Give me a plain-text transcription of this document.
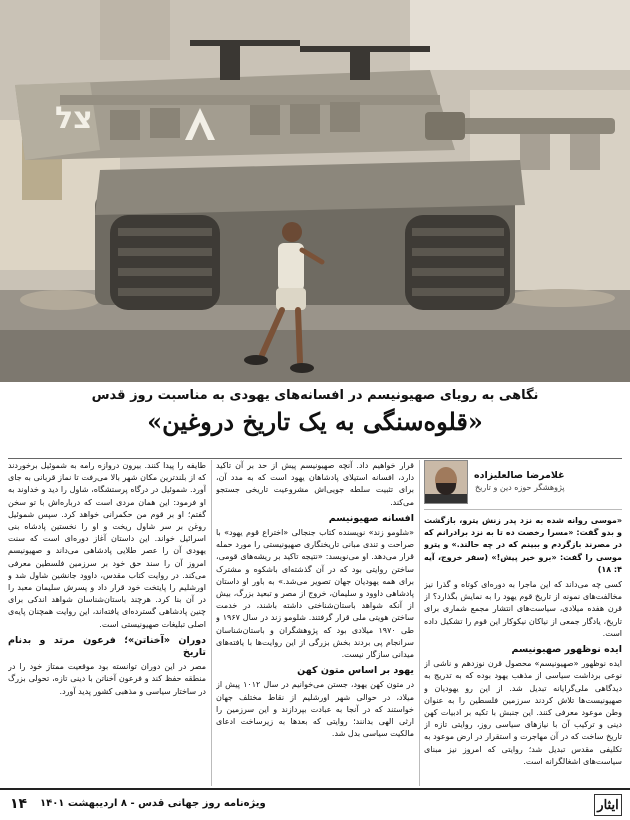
צל
نگاهی به رویای صهیونیسم در افسانه‌های یهودی به مناسبت روز قدس
«قلوه‌سنگی به یک تاریخ دروغین»
غلامرضا صالعلیزاده
پژوهشگر حوزه دین و تاریخ

«موسی روانه شده به نزد پدر زنش یترو، بازگشت و بدو گفت: «مسرا رخصت ده تا به نزد برادرانم که در مصرند بازگردم و ببینم که در چه حالند.» و یترو موسی را گفت: «برو خیر پیش!» (سفر خروج، آیه ۴: ۱۸)

کسی چه می‌داند که این ماجرا به دوره‌ای کوتاه و گذرا نیز مخالفت‌های نمونه از تاریخ قوم یهود را به نمایش بگذارد؟ از قرن هفده میلادی، سیاست‌های انتشار مجمع شماری برای تاریخ، یادگار جمعی از نیاکان نیکوکار این قوم را تشکیل داده است.

ایده نوظهور صهیونیسم

ایده نوظهور «صهیونیسم» محصول قرن نوزدهم و ناشی از نوعی برداشت سیاسی از مذهب یهود بوده که به تدریج به دیدگاهی ملی‌گرایانه تبدیل شد. از این رو یهودیان و صهیونیست‌ها تلاش کردند سرزمین فلسطین را به عنوان وطن موعود معرفی کنند. این جنبش با تکیه بر ادبیات کهن دینی و ترکیب آن با نیازهای سیاسی روز، روایتی تازه از تاریخ ساخت که در آن مهاجرت و استقرار در ارض موعود به تکلیفی مقدس تبدیل شد؛ روایتی که امروز نیز مبنای سیاست‌های اشغالگرانه است.

قرار خواهیم داد. آنچه صهیونیسم پیش از حد بر آن تاکید دارد، افسانه استیلای پادشاهان یهود است که به مدد آن، برای تثبیت سلطه جویی‌اش مشروعیت تاریخی جستجو می‌کند.

افسانه صهیونیسم

«شلومو زند» نویسنده کتاب جنجالی «اختراع قوم یهود» با صراحت و تندی مبانی تاریخنگاری صهیونیستی را مورد حمله قرار می‌دهد. او می‌نویسد: «نتیجه تاکید بر ریشه‌های قومی، ساختن روایتی بود که در آن گذشته‌ای باشکوه و مشترک برای همه یهودیان جهان تصویر می‌شد.» به باور او داستان پادشاهی داوود و سلیمان، خروج از مصر و تبعید بزرگ، بیش از آنکه شواهد باستان‌شناختی داشته باشند، در خدمت ساختن هویتی ملی قرار گرفتند. شلومو زند در سال ۱۹۶۷ و طی ۱۹۷۰ میلادی بود که پژوهشگران و باستان‌شناسان سرانجام پی بردند بخش بزرگی از این روایت‌ها با یافته‌های میدانی سازگار نیست.

یهود بر اساس متون کهن

در متون کهن یهود، جستن می‌خوانیم در سال ۱۰۱۲ پیش از میلاد، در حوالی شهر اورشلیم از نقاط مختلف جهان خواستند که در آنجا به عبادت بپردازند و این سرزمین را ارثی الهی بدانند؛ روایتی که بعدها به زیرساخت ادعای مالکیت سیاسی بدل شد.

طایفه را پیدا کنند. بیرون دروازه رامه به شموئیل برخوردند که از بلندترین مکان شهر بالا می‌رفت تا نماز قربانی به جای آورد. شموئیل در درگاه پرستشگاه، شاول را دید و خداوند به او فرمود: این همان مردی است که درباره‌اش با تو سخن گفتم؛ او بر قوم من حکمرانی خواهد کرد. سپس شموئیل روغن بر سر شاول ریخت و او را نخستین پادشاه بنی اسرائیل خواند. این داستان آغاز دوره‌ای است که سنت یهودی آن را عصر طلایی پادشاهی می‌داند و صهیونیسم امروز آن را سند حق خود بر سرزمین فلسطین معرفی می‌کند. در روایت کتاب مقدس، داوود جانشین شاول شد و اورشلیم را پایتخت خود قرار داد و پسرش سلیمان معبد را در آن بنا کرد. هرچند باستان‌شناسان شواهد اندکی برای چنین پادشاهی گسترده‌ای یافته‌اند، این روایت همچنان پایه‌ی اصلی تبلیغات صهیونیستی است.

دوران «آخناتن»؛ فرعون مرتد و بدنام تاریخ

مصر در این دوران توانسته بود موقعیت ممتاز خود را در منطقه حفظ کند و فرعون آخناتن با دینی تازه، تحولی بزرگ در ساختار سیاسی و مذهبی کشور پدید آورد.

۱۴ ویژه‌نامه روز جهانی قدس - ۸ اردیبهشت ۱۴۰۱	ایثار
